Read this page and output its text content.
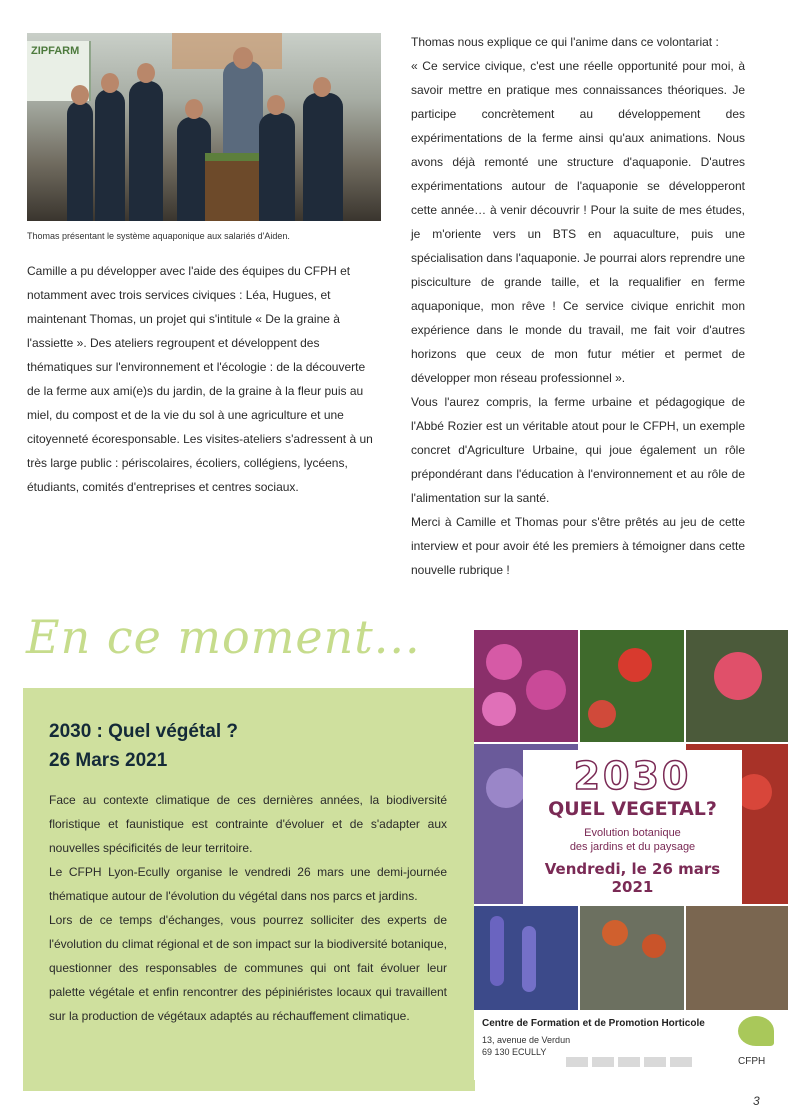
ZIPFARM
Thomas présentant le système aquaponique aux salariés d'Aiden.

Camille a pu développer avec l'aide des équipes du CFPH et notamment avec trois services civiques : Léa, Hugues, et maintenant Thomas, un projet qui s'intitule « De la graine à l'assiette ». Des ateliers regroupent et développent des thématiques sur l'environnement et l'écologie : de la découverte de la ferme aux ami(e)s du jardin, de la graine à la fleur puis au miel, du compost et de la vie du sol à une agriculture et une citoyenneté écoresponsable. Les visites-ateliers s'adressent à un très large public : périscolaires, écoliers, collégiens, lycéens, étudiants, comités d'entreprises et centres sociaux.

Thomas nous explique ce qui l'anime dans ce volontariat :

« Ce service civique, c'est une réelle opportunité pour moi, à savoir mettre en pratique mes connaissances théoriques. Je participe concrètement au développement des expérimentations de la ferme ainsi qu'aux animations. Nous avons déjà remonté une structure d'aquaponie. D'autres expérimentations autour de l'aquaponie se développeront cette année… à venir découvrir ! Pour la suite de mes études, je m'oriente vers un BTS en aquaculture, puis une spécialisation dans l'aquaponie. Je pourrai alors reprendre une pisciculture de grande taille, et la requalifier en ferme aquaponique, mon rêve ! Ce service civique enrichit mon expérience dans le monde du travail, me fait voir d'autres horizons que ceux de mon futur métier et permet de développer mon réseau professionnel ».

Vous l'aurez compris, la ferme urbaine et pédagogique de l'Abbé Rozier est un véritable atout pour le CFPH, un exemple concret d'Agriculture Urbaine, qui joue également un rôle prépondérant dans l'éducation à l'environnement et au rôle de l'alimentation sur la santé.

Merci à Camille et Thomas pour s'être prêtés au jeu de cette interview et pour avoir été les premiers à témoigner dans cette nouvelle rubrique !

En ce moment...
2030 : Quel végétal ?
26 Mars 2021

Face au contexte climatique de ces dernières années, la biodiversité floristique et faunistique est contrainte d'évoluer et de s'adapter aux nouvelles spécificités de leur territoire.

Le CFPH Lyon-Ecully organise le vendredi 26 mars une demi-journée thématique autour de l'évolution du végétal dans nos parcs et jardins.

Lors de ce temps d'échanges, vous pourrez solliciter des experts de l'évolution du climat régional et de son impact sur la biodiversité botanique, questionner des responsables de communes qui ont fait évoluer leur palette végétale et enfin rencontrer des pépiniéristes locaux qui travaillent sur la production de végétaux adaptés au réchauffement climatique.

2030
QUEL VEGETAL?
Evolution botanique
des jardins et du paysage
Vendredi, le 26 mars 2021
Centre de Formation et de Promotion Horticole
13, avenue de Verdun
69 130 ECULLY
CFPH
3
